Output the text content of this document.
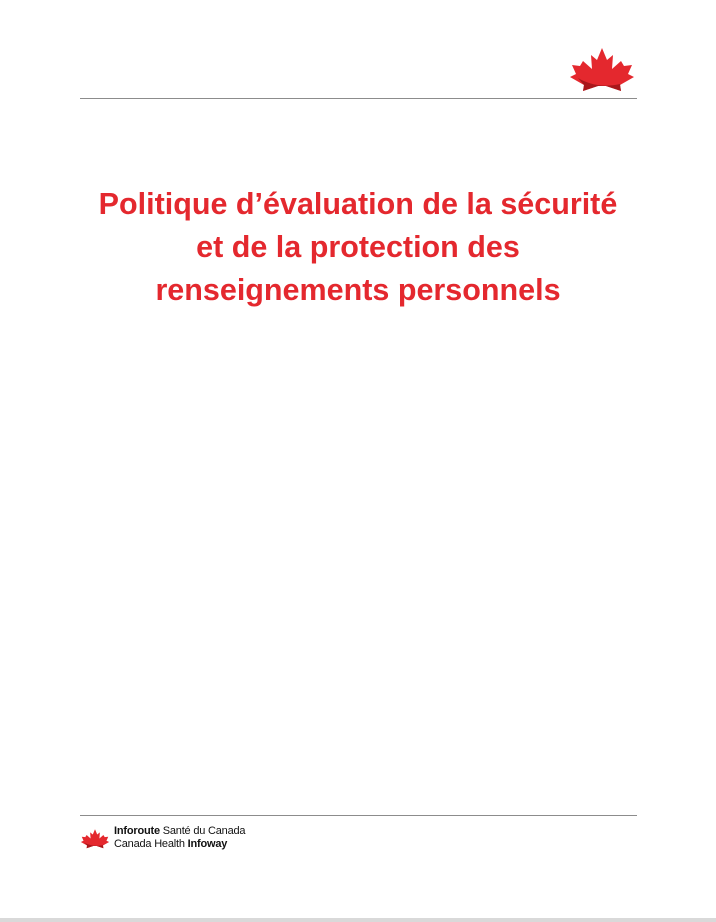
Politique d’évaluation de la sécurité
et de la protection des
renseignements personnels
Inforoute Santé du Canada
Canada Health Infoway
